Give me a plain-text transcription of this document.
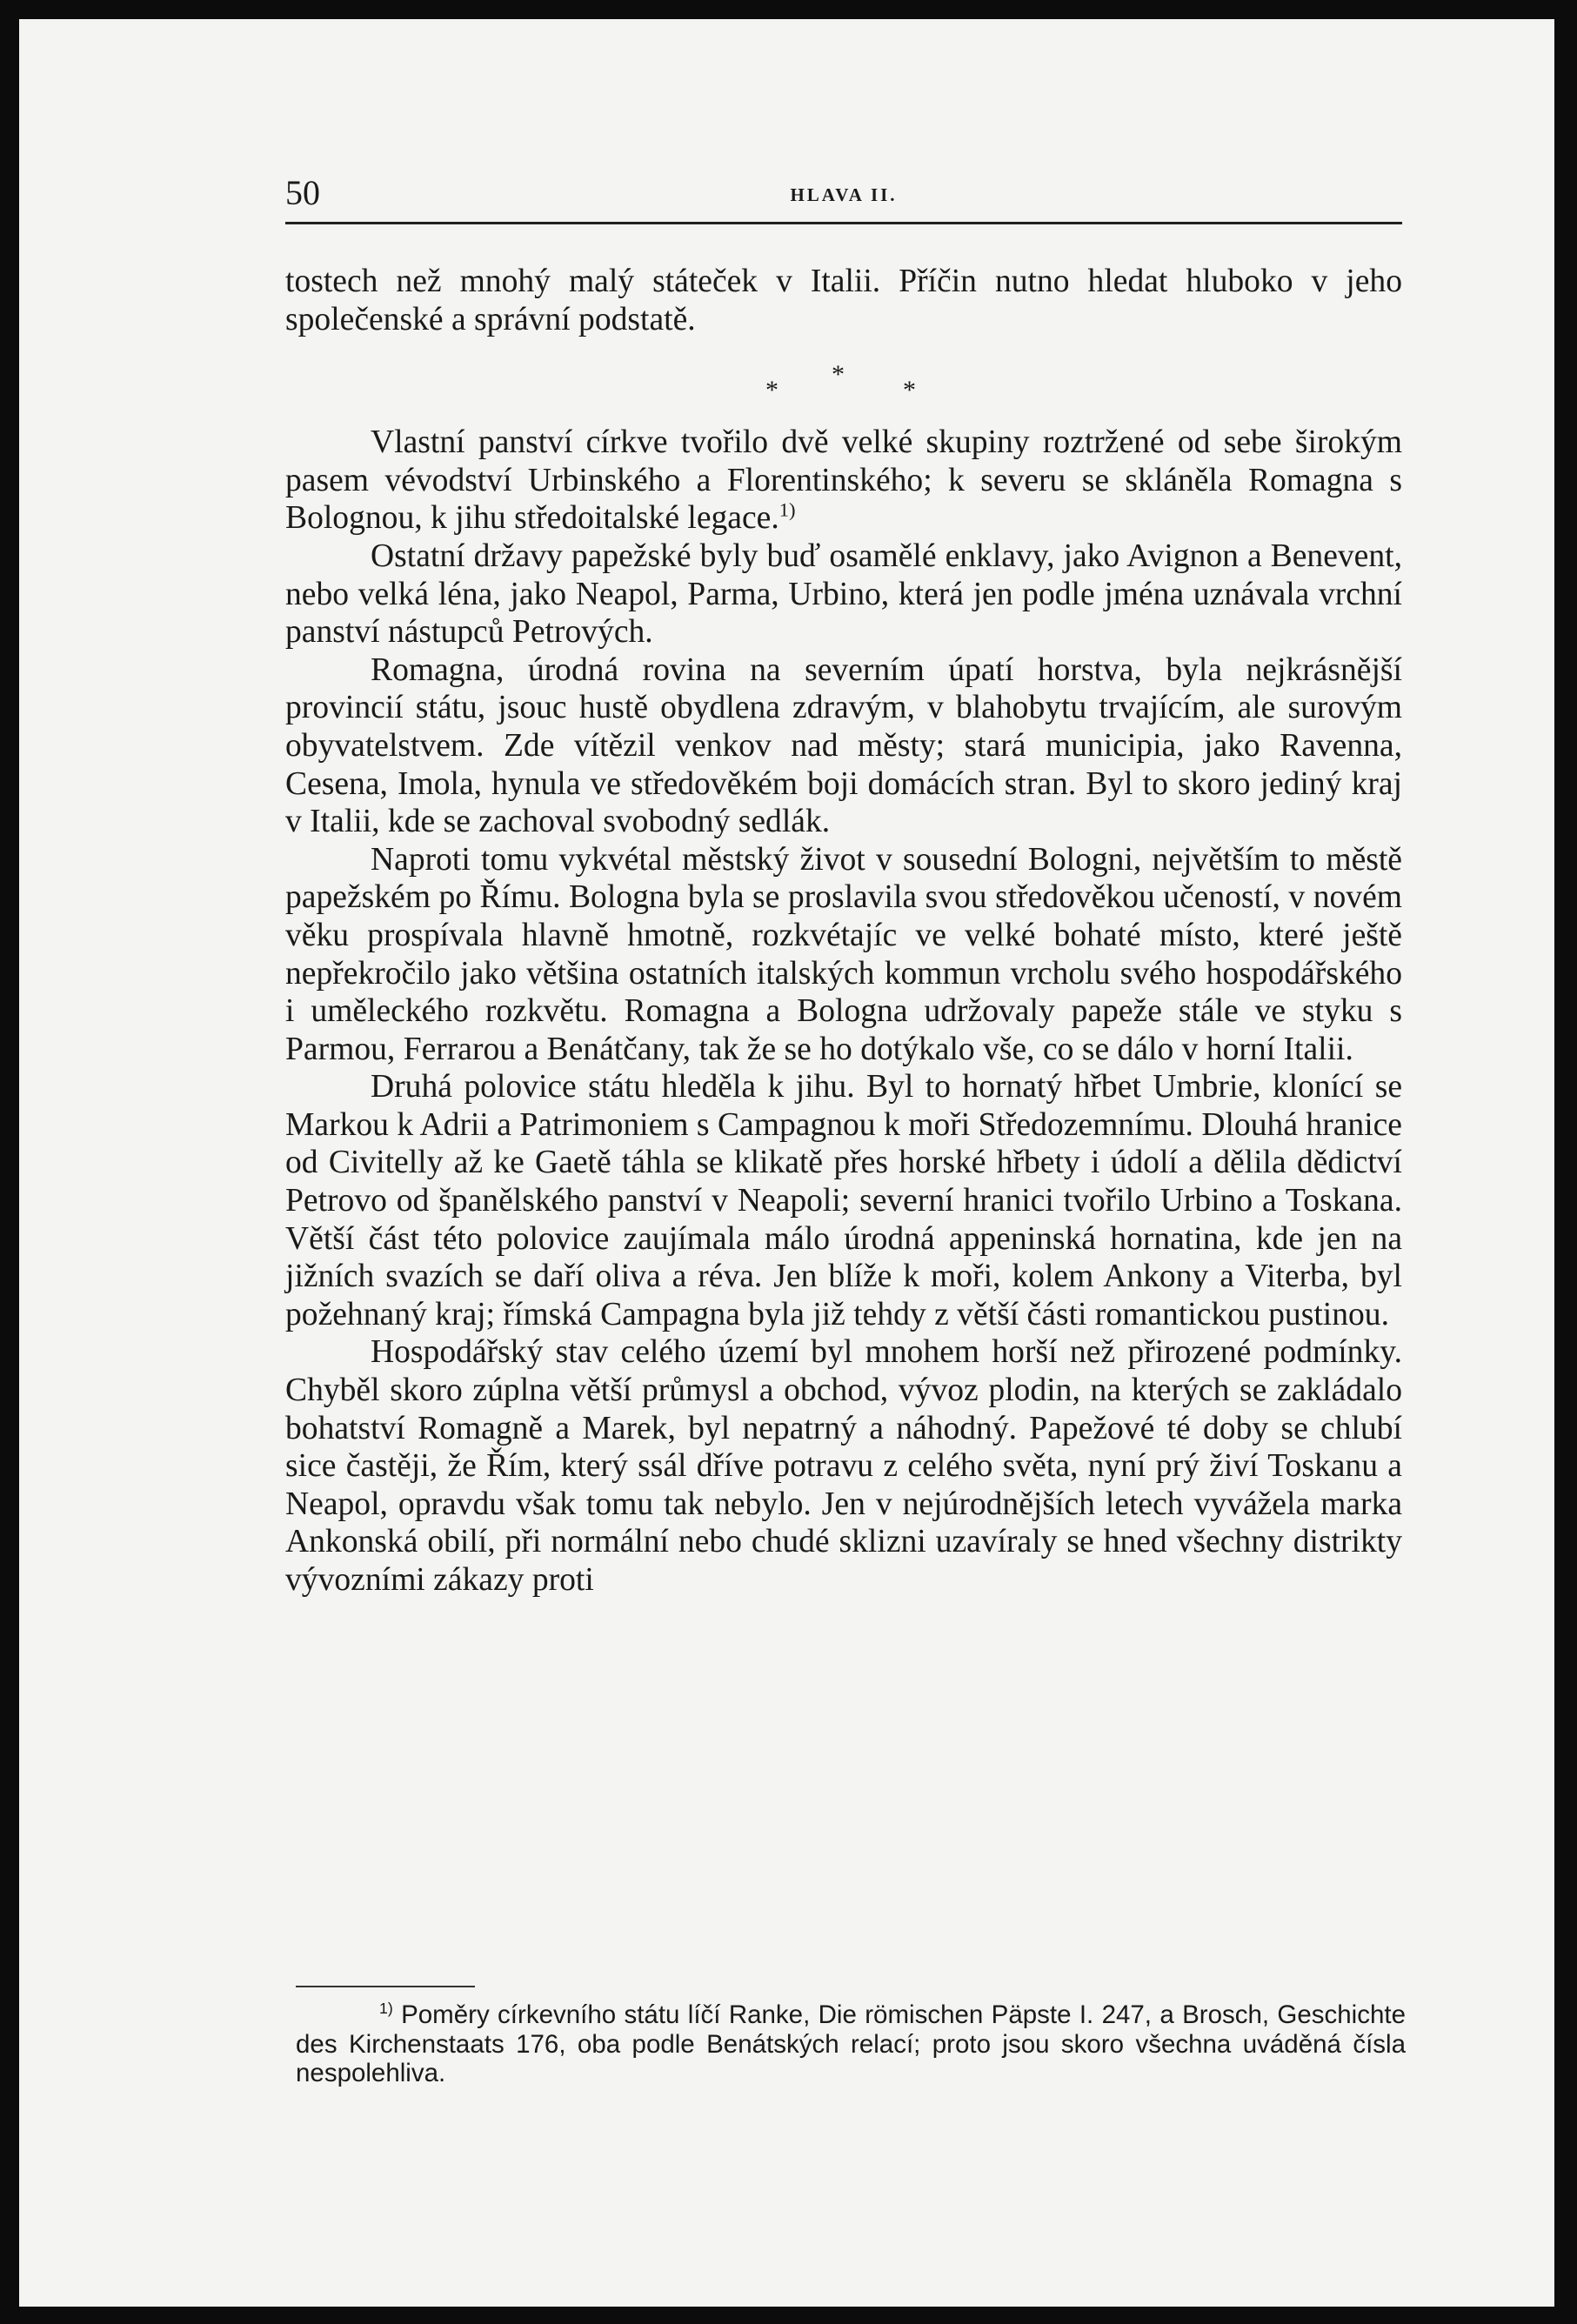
50	HLAVA II.

tostech než mnohý malý státeček v Italii. Příčin nutno hledat hluboko v jeho společenské a správní podstatě.

*
*	*

Vlastní panství církve tvořilo dvě velké skupiny roztržené od sebe širokým pasem vévodství Urbinského a Florentinského; k severu se skláněla Romagna s Bolognou, k jihu středoitalské legace.$^{1)}$

Ostatní državy papežské byly buď osamělé enklavy, jako Avignon a Benevent, nebo velká léna, jako Neapol, Parma, Urbino, která jen podle jména uznávala vrchní panství nástupců Petrových.

Romagna, úrodná rovina na severním úpatí horstva, byla nejkrásnější provincií státu, jsouc hustě obydlena zdravým, v blahobytu trvajícím, ale surovým obyvatelstvem. Zde vítězil venkov nad městy; stará municipia, jako Ravenna, Cesena, Imola, hynula ve středověkém boji domácích stran. Byl to skoro jediný kraj v Italii, kde se zachoval svobodný sedlák.

Naproti tomu vykvétal městský život v sousední Bologni, největším to městě papežském po Římu. Bologna byla se proslavila svou středověkou učeností, v novém věku prospívala hlavně hmotně, rozkvétajíc ve velké bohaté místo, které ještě nepřekročilo jako většina ostatních italských kommun vrcholu svého hospodářského i uměleckého rozkvětu. Romagna a Bologna udržovaly papeže stále ve styku s Parmou, Ferrarou a Benátčany, tak že se ho dotýkalo vše, co se dálo v horní Italii.

Druhá polovice státu hleděla k jihu. Byl to hornatý hřbet Umbrie, klonící se Markou k Adrii a Patrimoniem s Campagnou k moři Středozemnímu. Dlouhá hranice od Civitelly až ke Gaetě táhla se klikatě přes horské hřbety i údolí a dělila dědictví Petrovo od španělského panství v Neapoli; severní hranici tvořilo Urbino a Toskana. Větší část této polovice zaujímala málo úrodná appeninská hornatina, kde jen na jižních svazích se daří oliva a réva. Jen blíže k moři, kolem Ankony a Viterba, byl požehnaný kraj; římská Campagna byla již tehdy z větší části romantickou pustinou.

Hospodářský stav celého území byl mnohem horší než přirozené podmínky. Chyběl skoro zúplna větší průmysl a obchod, vývoz plodin, na kterých se zakládalo bohatství Romagně a Marek, byl nepatrný a náhodný. Papežové té doby se chlubí sice častěji, že Řím, který ssál dříve potravu z celého světa, nyní prý živí Toskanu a Neapol, opravdu však tomu tak nebylo. Jen v nejúrodnějších letech vyvážela marka Ankonská obilí, při normální nebo chudé sklizni uzavíraly se hned všechny distrikty vývozními zákazy proti

$^{1)}$ Poměry církevního státu líčí Ranke, Die römischen Päpste I. 247, a Brosch, Geschichte des Kirchenstaats 176, oba podle Benátských relací; proto jsou skoro všechna uváděná čísla nespolehliva.
